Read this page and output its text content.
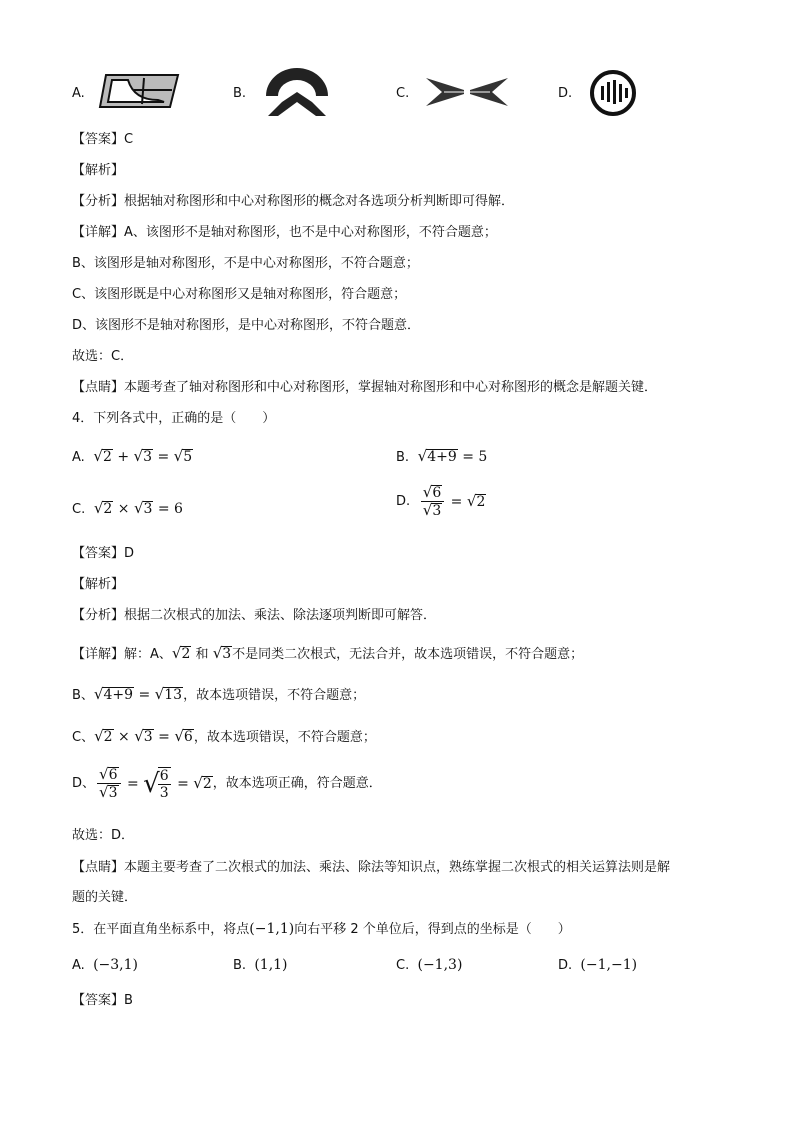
A.	B.	C.	D.
【答案】C
【解析】
【分析】根据轴对称图形和中心对称图形的概念对各选项分析判断即可得解．
【详解】A、该图形不是轴对称图形，也不是中心对称图形，不符合题意；
B、该图形是轴对称图形，不是中心对称图形，不符合题意；
C、该图形既是中心对称图形又是轴对称图形，符合题意；
D、该图形不是轴对称图形，是中心对称图形，不符合题意．
故选：C．
【点睛】本题考查了轴对称图形和中心对称图形，掌握轴对称图形和中心对称图形的概念是解题关键．
4．下列各式中，正确的是（　　）
A. √2 + √3 = √5	B. √4+9 = 5
C. √2 × √3 = 6	D. $\frac{√6}{√3} = √2$
【答案】D
【解析】
【分析】根据二次根式的加法、乘法、除法逐项判断即可解答．
【详解】解：A、√2 和 √3不是同类二次根式，无法合并，故本选项错误，不符合题意；
B、√4+9 = √13，故本选项错误，不符合题意；
C、√2 × √3 = √6，故本选项错误，不符合题意；
D、 $\frac{√6}{√3}$ = √
$\frac{6}{3} = √2$，故本选项正确，符合题意．
故选：D．
【点睛】本题主要考查了二次根式的加法、乘法、除法等知识点，熟练掌握二次根式的相关运算法则是解
题的关键．
5．在平面直角坐标系中，将点(−1,1)向右平移 2 个单位后，得到点的坐标是（　　）
A. (−3,1)	B. (1,1)	C. (−1,3)	D. (−1,−1)
【答案】B
